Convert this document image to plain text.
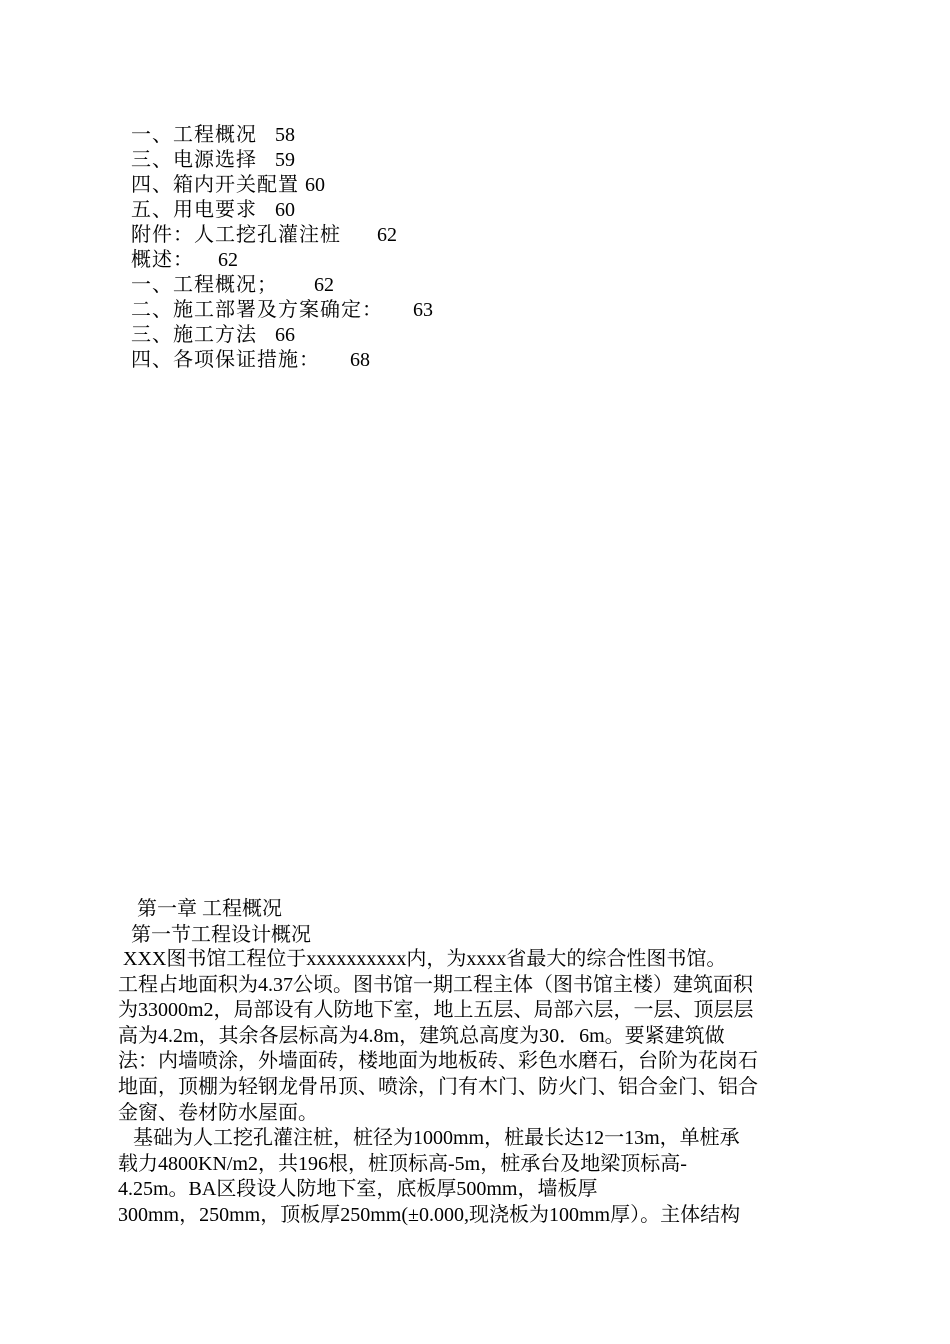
一、工程概况 58
三、电源选择 59
四、箱内开关配置 60
五、用电要求 60
附件：人工挖孔灌注桩 62
概述： 62
一、工程概况； 62
二、施工部署及方案确定： 63
三、施工方法 66
四、各项保证措施： 68
第一章 工程概况
第一节工程设计概况
XXX图书馆工程位于xxxxxxxxxx内，为xxxx省最大的综合性图书馆。
工程占地面积为4.37公顷。图书馆一期工程主体（图书馆主楼）建筑面积
为33000m2，局部设有人防地下室，地上五层、局部六层，一层、顶层层
高为4.2m，其余各层标高为4.8m，建筑总高度为30．6m。要紧建筑做
法：内墙喷涂，外墙面砖，楼地面为地板砖、彩色水磨石，台阶为花岗石
地面，顶棚为轻钢龙骨吊顶、喷涂，门有木门、防火门、铝合金门、铝合
金窗、卷材防水屋面。
基础为人工挖孔灌注桩，桩径为1000mm，桩最长达12一13m，单桩承
载力4800KN/m2，共196根，桩顶标高-5m，桩承台及地梁顶标高-
4.25m。BA区段设人防地下室，底板厚500mm，墙板厚
300mm，250mm，顶板厚250mm(±0.000,现浇板为100mm厚）。主体结构
